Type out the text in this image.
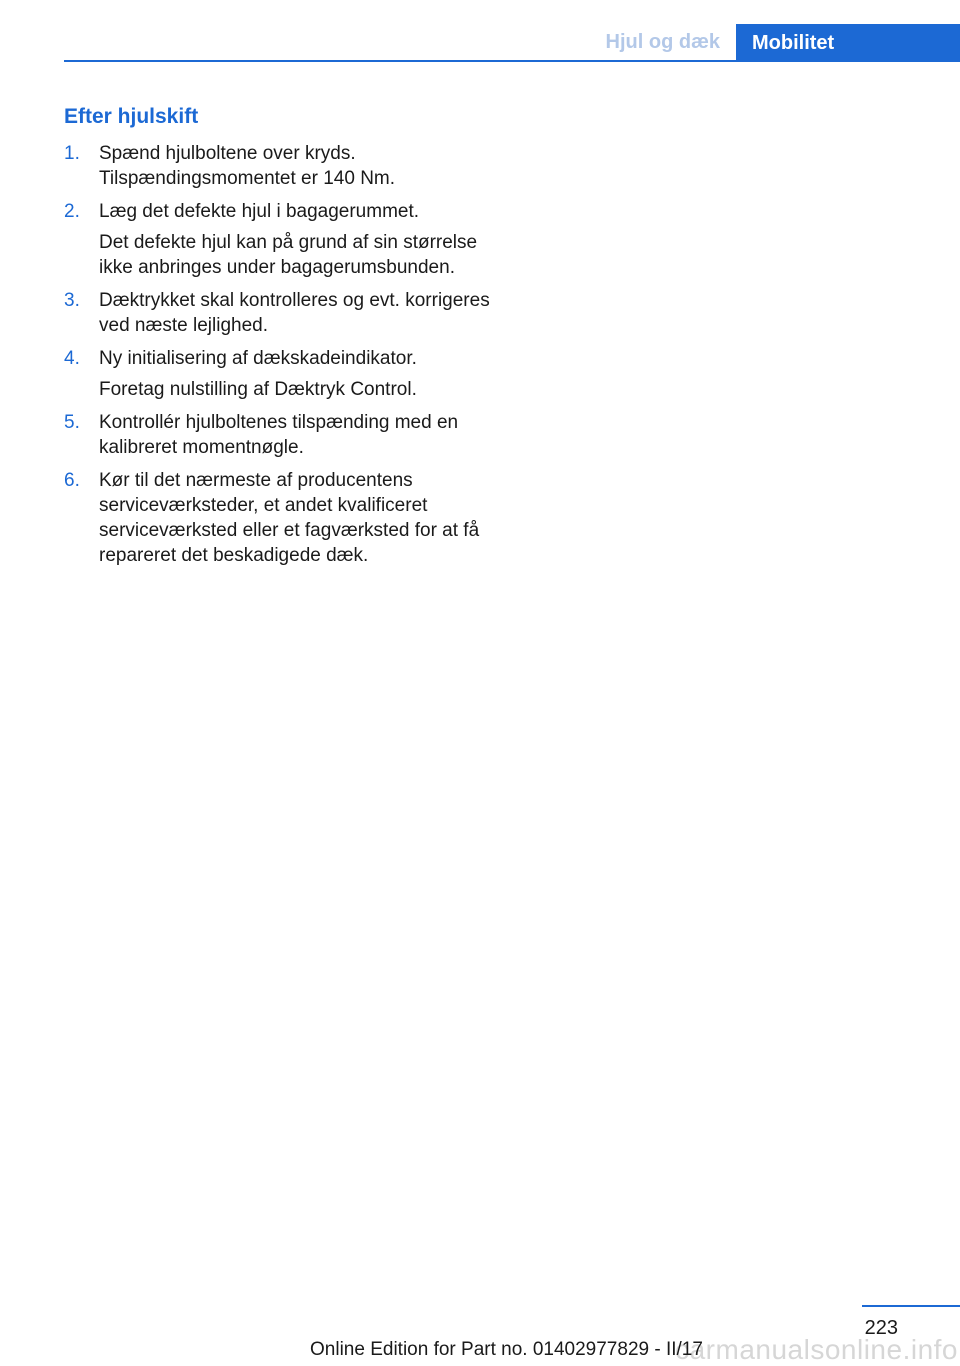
Hjul og dæk	Mobilitet
Efter hjulskift
1. Spænd hjulboltene over kryds. Tilspændingsmomentet er 140 Nm.
2. Læg det defekte hjul i bagagerummet.
Det defekte hjul kan på grund af sin størrelse ikke anbringes under bagagerumsbunden.
3. Dæktrykket skal kontrolleres og evt. korrigeres ved næste lejlighed.
4. Ny initialisering af dækskadeindikator.
Foretag nulstilling af Dæktryk Control.
5. Kontrollér hjulboltenes tilspænding med en kalibreret momentnøgle.
6. Kør til det nærmeste af producentens serviceværksteder, et andet kvalificeret serviceværksted eller et fagværksted for at få repareret det beskadigede dæk.
223
carmanualsonline.info
Online Edition for Part no. 01402977829 - II/17
